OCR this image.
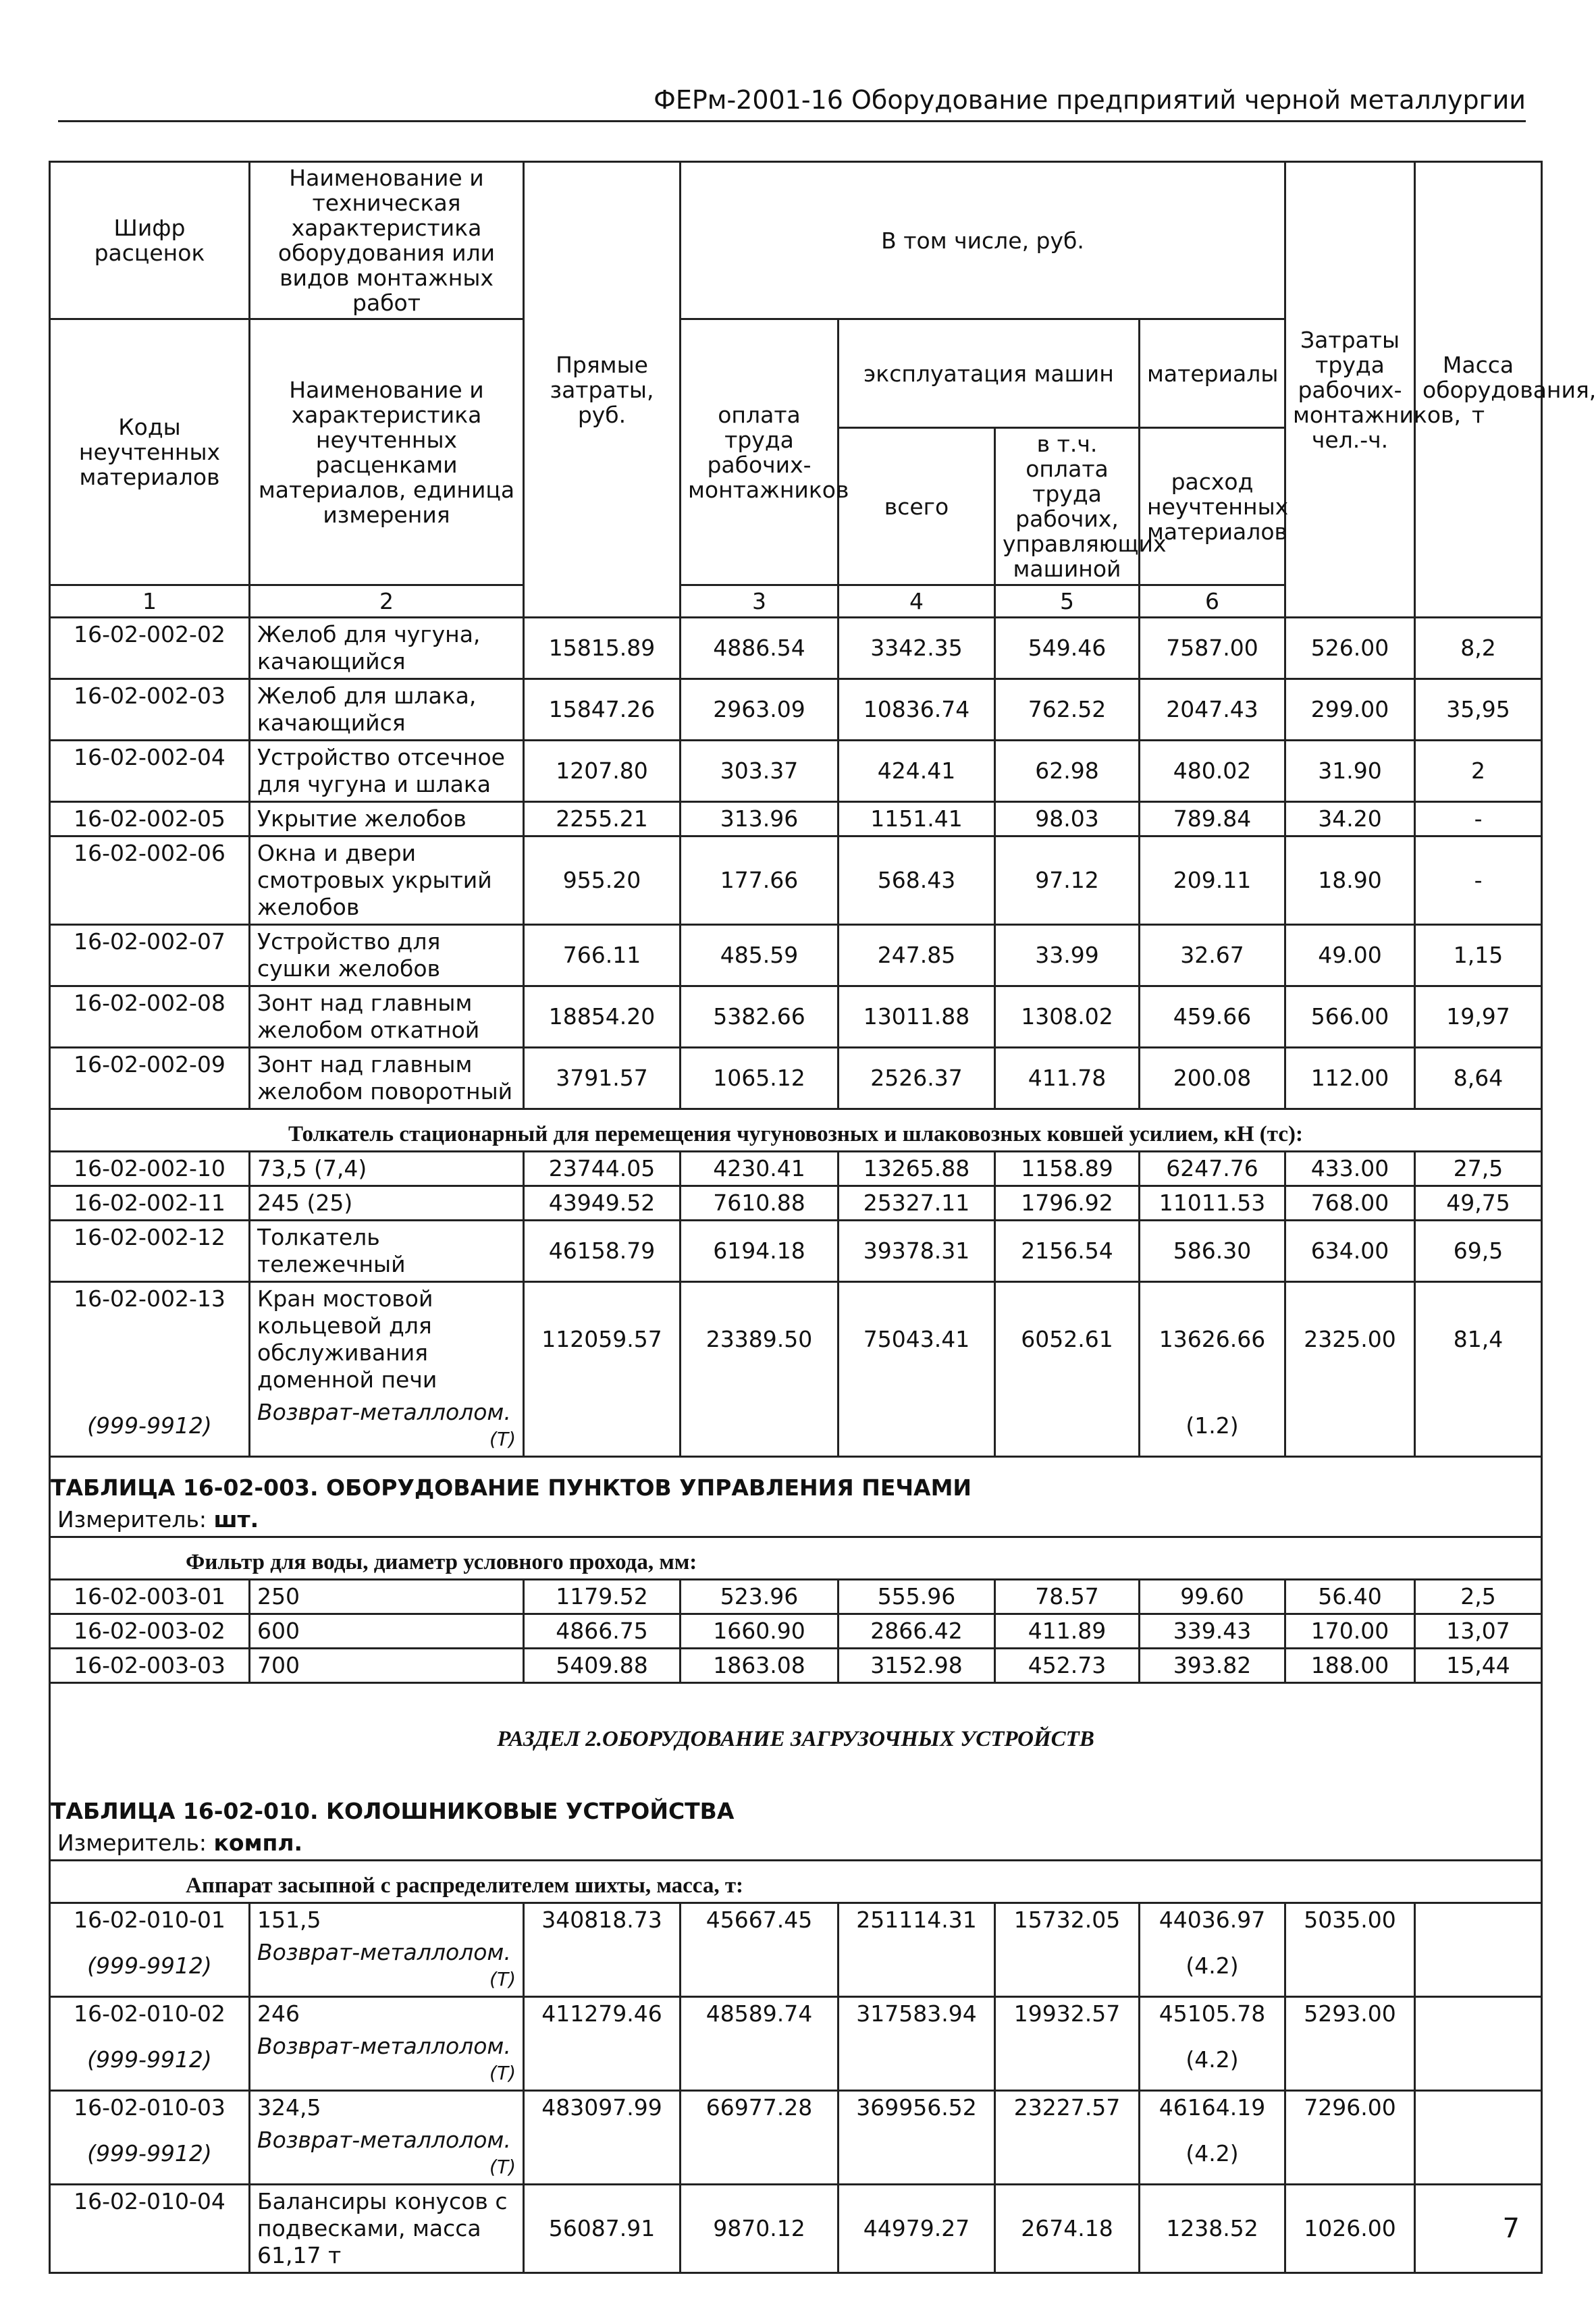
ФЕРм-2001-16 Оборудование предприятий черной металлургии
Шифр расценок	Наименование и техническая характеристика оборудования или видов монтажных работ	Прямые затраты, руб.	В том числе, руб.				Затраты труда рабочих-монтажников, чел.-ч.	Масса оборудования, т	
Коды неучтенных материалов	Наименование и характеристика неучтенных расценками материалов, единица измерения		оплата труда рабочих-монтажников	эксплуатация машин		материалы			
				всего	в т.ч. оплата труда рабочих, управляющих машиной	расход неучтенных материалов			
1	2		3	4	5	6			
16-02-002-02	Желоб для чугуна, качающийся	15815.89	4886.54	3342.35	549.46	7587.00	526.00	8,2	
16-02-002-03	Желоб для шлака, качающийся	15847.26	2963.09	10836.74	762.52	2047.43	299.00	35,95	
16-02-002-04	Устройство отсечное для чугуна и шлака	1207.80	303.37	424.41	62.98	480.02	31.90	2	
16-02-002-05	Укрытие желобов	2255.21	313.96	1151.41	98.03	789.84	34.20	-	
16-02-002-06	Окна и двери смотровых укрытий желобов	955.20	177.66	568.43	97.12	209.11	18.90	-	
16-02-002-07	Устройство для сушки желобов	766.11	485.59	247.85	33.99	32.67	49.00	1,15	
16-02-002-08	Зонт над главным желобом откатной	18854.20	5382.66	13011.88	1308.02	459.66	566.00	19,97	
16-02-002-09	Зонт над главным желобом поворотный	3791.57	1065.12	2526.37	411.78	200.08	112.00	8,64	
Толкатель стационарный для перемещения чугуновозных и шлаковозных ковшей усилием, кН (тс):									
16-02-002-10	73,5 (7,4)	23744.05	4230.41	13265.88	1158.89	6247.76	433.00	27,5	
16-02-002-11	245 (25)	43949.52	7610.88	25327.11	1796.92	11011.53	768.00	49,75	
16-02-002-12	Толкатель тележечный	46158.79	6194.18	39378.31	2156.54	586.30	634.00	69,5	
16-02-002-13	Кран мостовой кольцевой для обслуживания доменной печи	112059.57	23389.50	75043.41	6052.61	13626.66	2325.00	81,4	
(999-9912)	Возврат-металлолом.
(Т)					(1.2)			
ТАБЛИЦА 16-02-003. ОБОРУДОВАНИЕ ПУНКТОВ УПРАВЛЕНИЯ ПЕЧАМИ									
Измеритель: шт.									
Фильтр для воды, диаметр условного прохода, мм:									
16-02-003-01	250	1179.52	523.96	555.96	78.57	99.60	56.40	2,5	
16-02-003-02	600	4866.75	1660.90	2866.42	411.89	339.43	170.00	13,07	
16-02-003-03	700	5409.88	1863.08	3152.98	452.73	393.82	188.00	15,44	
РАЗДЕЛ 2.ОБОРУДОВАНИЕ ЗАГРУЗОЧНЫХ УСТРОЙСТВ									
ТАБЛИЦА 16-02-010. КОЛОШНИКОВЫЕ УСТРОЙСТВА									
Измеритель: компл.									
Аппарат засыпной с распределителем шихты, масса, т:									
16-02-010-01	151,5	340818.73	45667.45	251114.31	15732.05	44036.97	5035.00		
(999-9912)	Возврат-металлолом.
(Т)					(4.2)			
16-02-010-02	246	411279.46	48589.74	317583.94	19932.57	45105.78	5293.00		
(999-9912)	Возврат-металлолом.
(Т)					(4.2)			
16-02-010-03	324,5	483097.99	66977.28	369956.52	23227.57	46164.19	7296.00		
(999-9912)	Возврат-металлолом.
(Т)					(4.2)			
16-02-010-04	Балансиры конусов с подвесками, масса 61,17 т	56087.91	9870.12	44979.27	2674.18	1238.52	1026.00			7
